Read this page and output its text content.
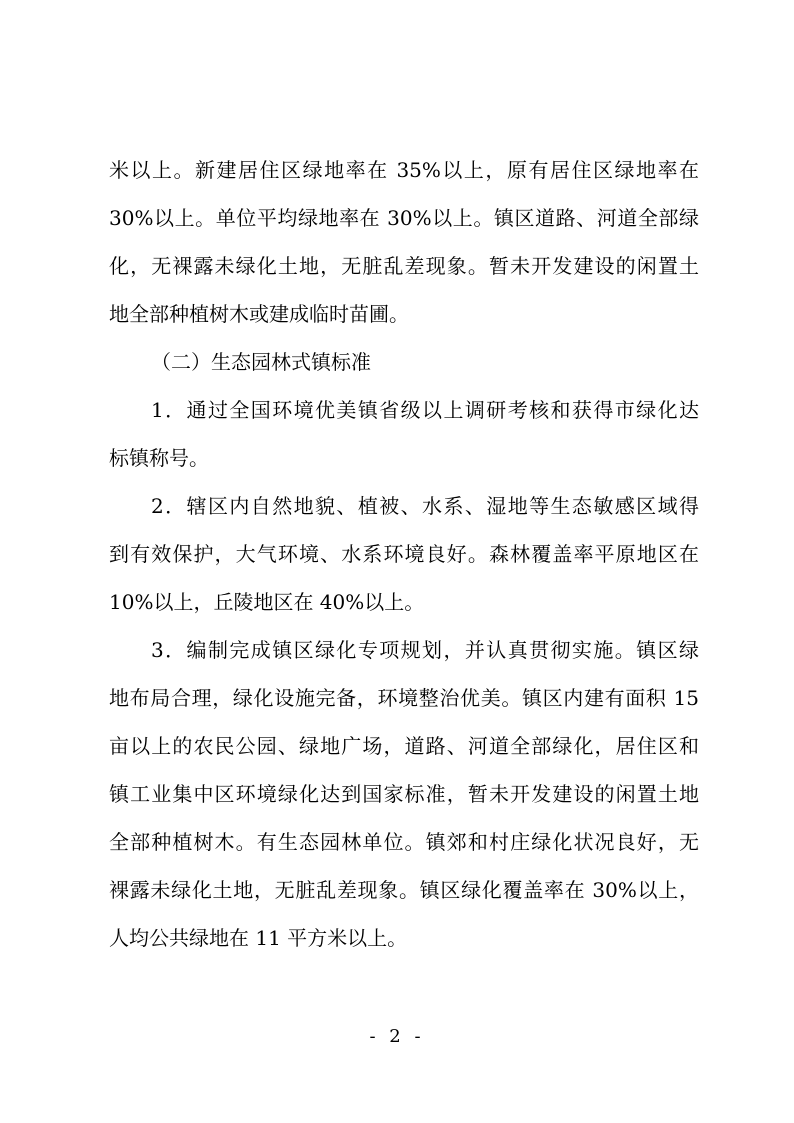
米以上。新建居住区绿地率在 35%以上，原有居住区绿地率在
30%以上。单位平均绿地率在 30%以上。镇区道路、河道全部绿
化，无裸露未绿化土地，无脏乱差现象。暂未开发建设的闲置土
地全部种植树木或建成临时苗圃。
（二）生态园林式镇标准
1．通过全国环境优美镇省级以上调研考核和获得市绿化达
标镇称号。
2．辖区内自然地貌、植被、水系、湿地等生态敏感区域得
到有效保护，大气环境、水系环境良好。森林覆盖率平原地区在
10%以上，丘陵地区在 40%以上。
3．编制完成镇区绿化专项规划，并认真贯彻实施。镇区绿
地布局合理，绿化设施完备，环境整治优美。镇区内建有面积 15
亩以上的农民公园、绿地广场，道路、河道全部绿化，居住区和
镇工业集中区环境绿化达到国家标准，暂未开发建设的闲置土地
全部种植树木。有生态园林单位。镇郊和村庄绿化状况良好，无
裸露未绿化土地，无脏乱差现象。镇区绿化覆盖率在 30%以上，
人均公共绿地在 11 平方米以上。
- 2 -
